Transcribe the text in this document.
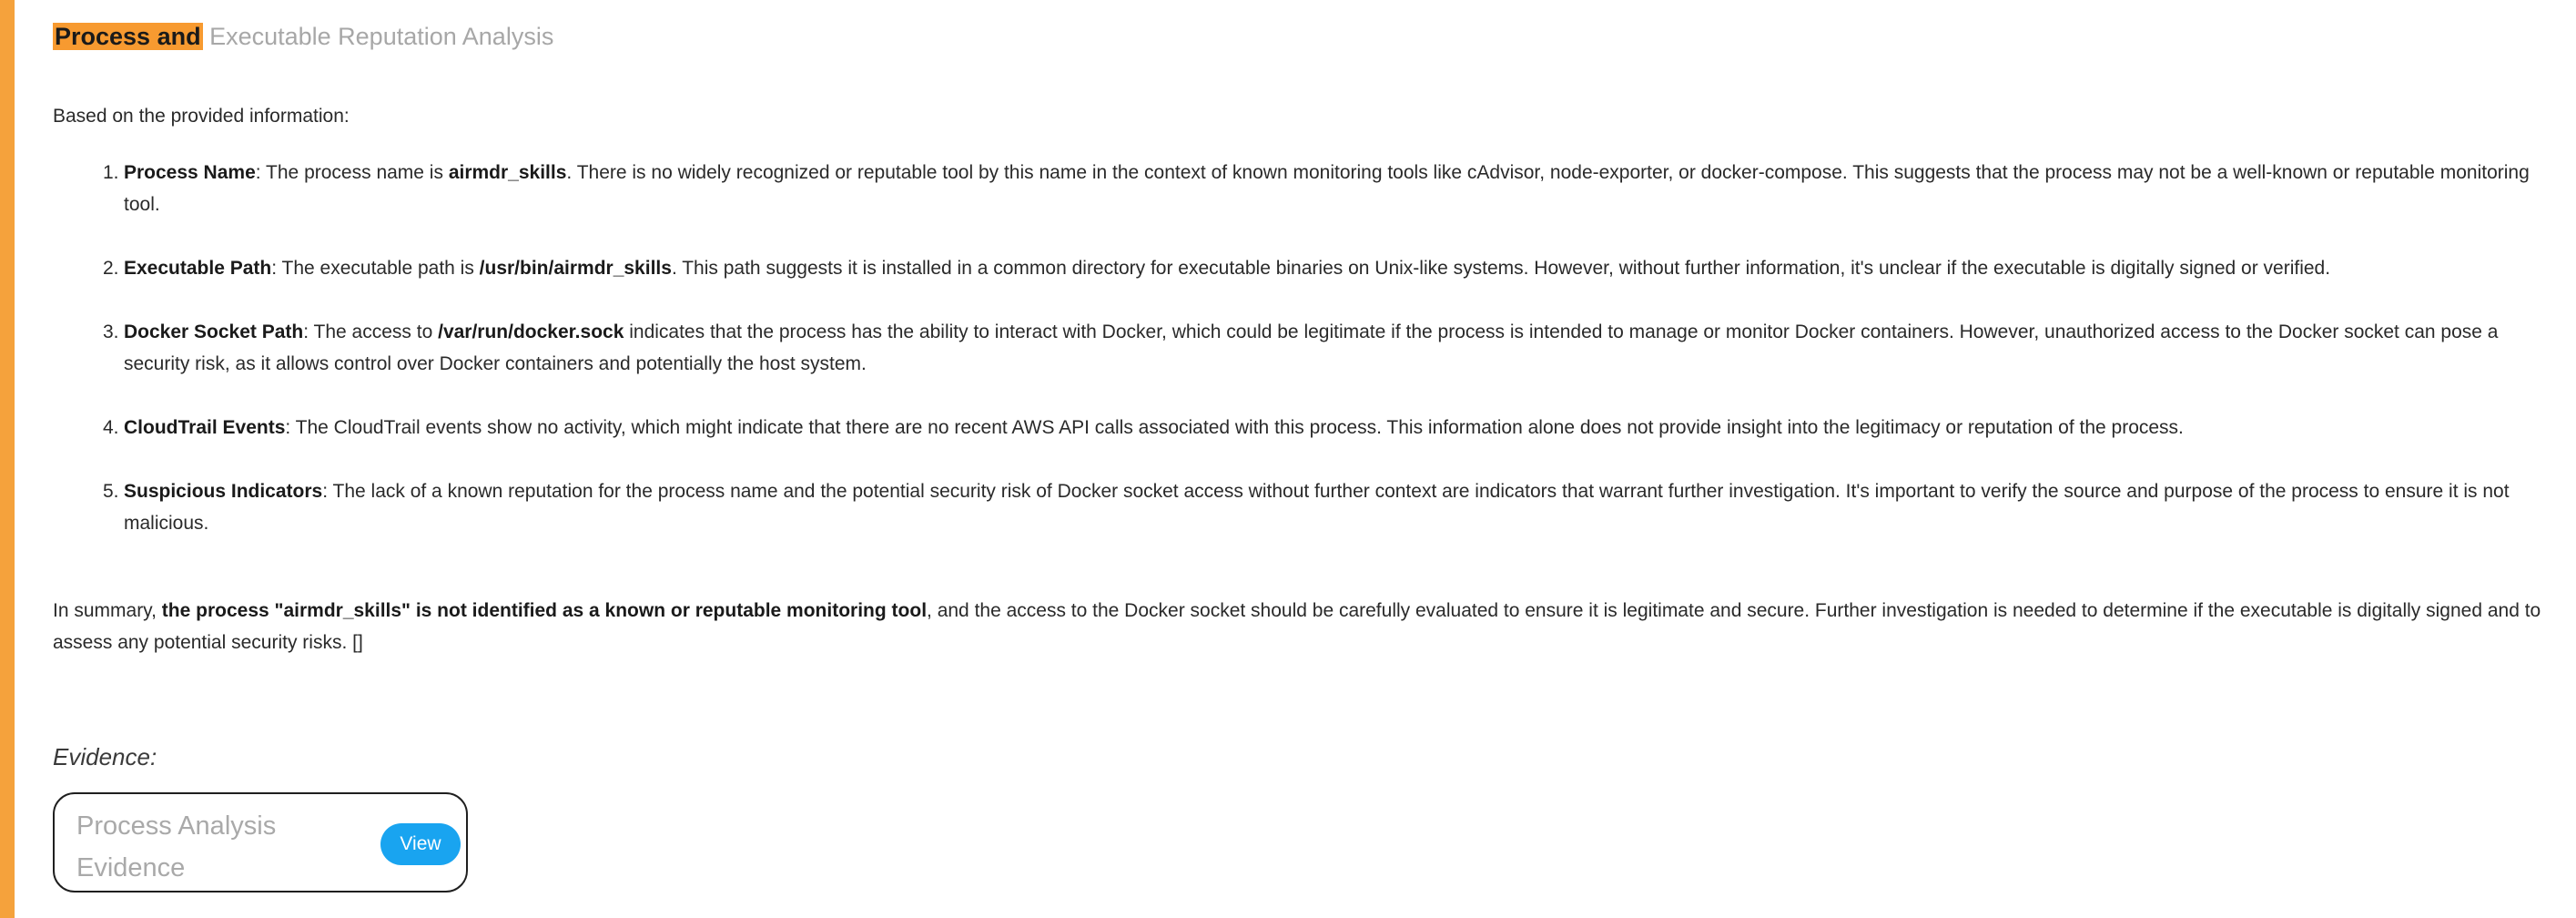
Process and Executable Reputation Analysis
Based on the provided information:
1. Process Name: The process name is airmdr_skills. There is no widely recognized or reputable tool by this name in the context of known monitoring tools like cAdvisor, node-exporter, or docker-compose. This suggests that the process may not be a well-known or reputable monitoring tool.
2. Executable Path: The executable path is /usr/bin/airmdr_skills. This path suggests it is installed in a common directory for executable binaries on Unix-like systems. However, without further information, it's unclear if the executable is digitally signed or verified.
3. Docker Socket Path: The access to /var/run/docker.sock indicates that the process has the ability to interact with Docker, which could be legitimate if the process is intended to manage or monitor Docker containers. However, unauthorized access to the Docker socket can pose a security risk, as it allows control over Docker containers and potentially the host system.
4. CloudTrail Events: The CloudTrail events show no activity, which might indicate that there are no recent AWS API calls associated with this process. This information alone does not provide insight into the legitimacy or reputation of the process.
5. Suspicious Indicators: The lack of a known reputation for the process name and the potential security risk of Docker socket access without further context are indicators that warrant further investigation. It's important to verify the source and purpose of the process to ensure it is not malicious.
In summary, the process "airmdr_skills" is not identified as a known or reputable monitoring tool, and the access to the Docker socket should be carefully evaluated to ensure it is legitimate and secure. Further investigation is needed to determine if the executable is digitally signed and to assess any potential security risks. []
Evidence:
Process Analysis Evidence
View
